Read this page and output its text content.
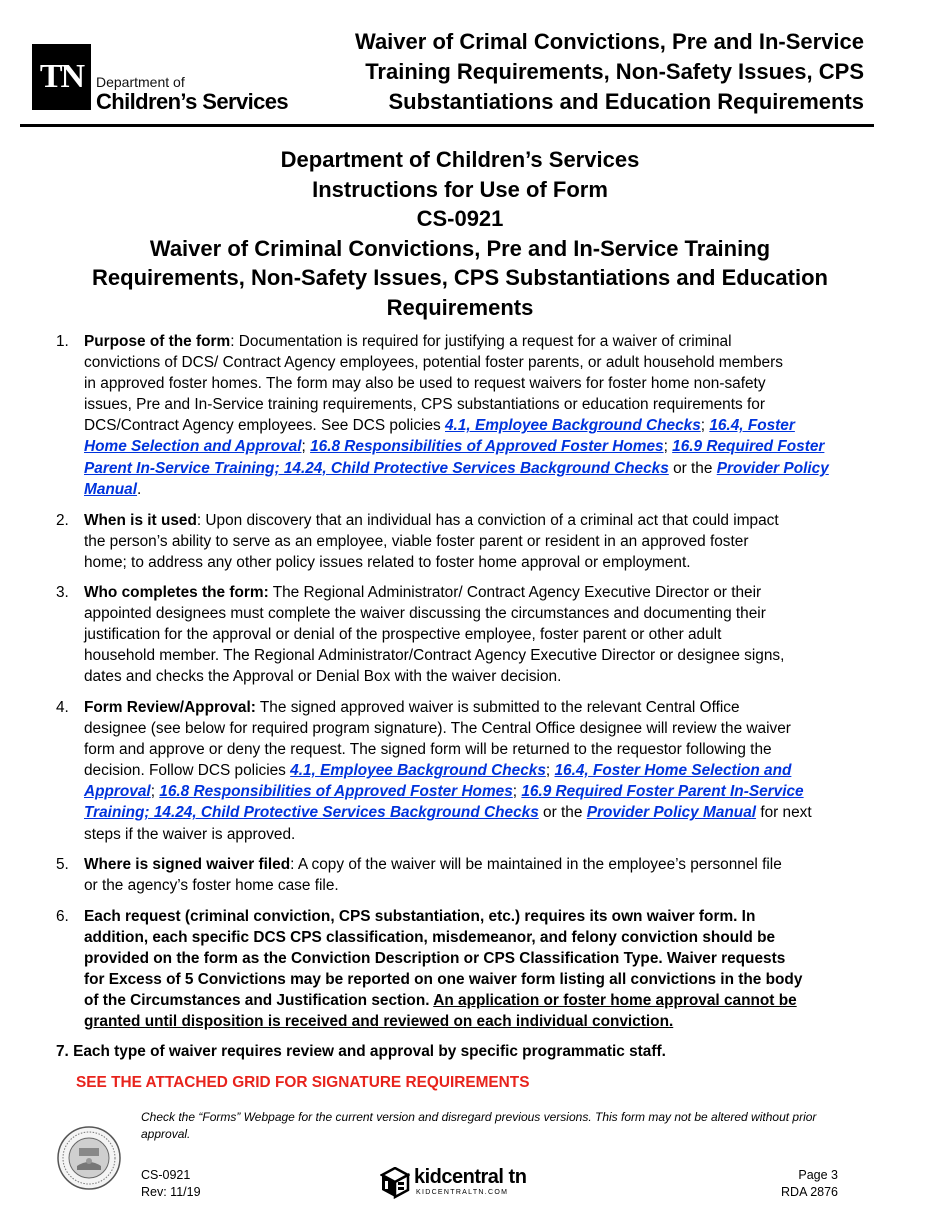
TN Department of
Children’s Services
Waiver of Crimal Convictions, Pre and In-Service
Training Requirements, Non-Safety Issues, CPS
Substantiations and Education Requirements
Department of Children’s Services
Instructions for Use of Form
CS-0921
Waiver of Criminal Convictions, Pre and In-Service Training
Requirements, Non-Safety Issues, CPS Substantiations and Education
Requirements
1. Purpose of the form: Documentation is required for justifying a request for a waiver of criminal
convictions of DCS/ Contract Agency employees, potential foster parents, or adult household members
in approved foster homes. The form may also be used to request waivers for foster home non-safety
issues, Pre and In-Service training requirements, CPS substantiations or education requirements for
DCS/Contract Agency employees. See DCS policies 4.1, Employee Background Checks; 16.4, Foster
Home Selection and Approval; 16.8 Responsibilities of Approved Foster Homes; 16.9 Required Foster
Parent In-Service Training; 14.24, Child Protective Services Background Checks or the Provider Policy
Manual.
2. When is it used: Upon discovery that an individual has a conviction of a criminal act that could impact
the person’s ability to serve as an employee, viable foster parent or resident in an approved foster
home; to address any other policy issues related to foster home approval or employment.
3. Who completes the form: The Regional Administrator/ Contract Agency Executive Director or their
appointed designees must complete the waiver discussing the circumstances and documenting their
justification for the approval or denial of the prospective employee, foster parent or other adult
household member. The Regional Administrator/Contract Agency Executive Director or designee signs,
dates and checks the Approval or Denial Box with the waiver decision.
4. Form Review/Approval: The signed approved waiver is submitted to the relevant Central Office
designee (see below for required program signature). The Central Office designee will review the waiver
form and approve or deny the request. The signed form will be returned to the requestor following the
decision. Follow DCS policies 4.1, Employee Background Checks; 16.4, Foster Home Selection and
Approval; 16.8 Responsibilities of Approved Foster Homes; 16.9 Required Foster Parent In-Service
Training; 14.24, Child Protective Services Background Checks or the Provider Policy Manual for next
steps if the waiver is approved.
5. Where is signed waiver filed: A copy of the waiver will be maintained in the employee’s personnel file
or the agency’s foster home case file.
6. Each request (criminal conviction, CPS substantiation, etc.) requires its own waiver form. In
addition, each specific DCS CPS classification, misdemeanor, and felony conviction should be
provided on the form as the Conviction Description or CPS Classification Type. Waiver requests
for Excess of 5 Convictions may be reported on one waiver form listing all convictions in the body
of the Circumstances and Justification section. An application or foster home approval cannot be
granted until disposition is received and reviewed on each individual conviction.
7. Each type of waiver requires review and approval by specific programmatic staff.
SEE THE ATTACHED GRID FOR SIGNATURE REQUIREMENTS
Check the “Forms” Webpage for the current version and disregard previous versions. This form may not be altered without prior approval.
CS-0921
Rev: 11/19
kidcentral tn
KIDCENTRALTN.COM
Page 3
RDA 2876
